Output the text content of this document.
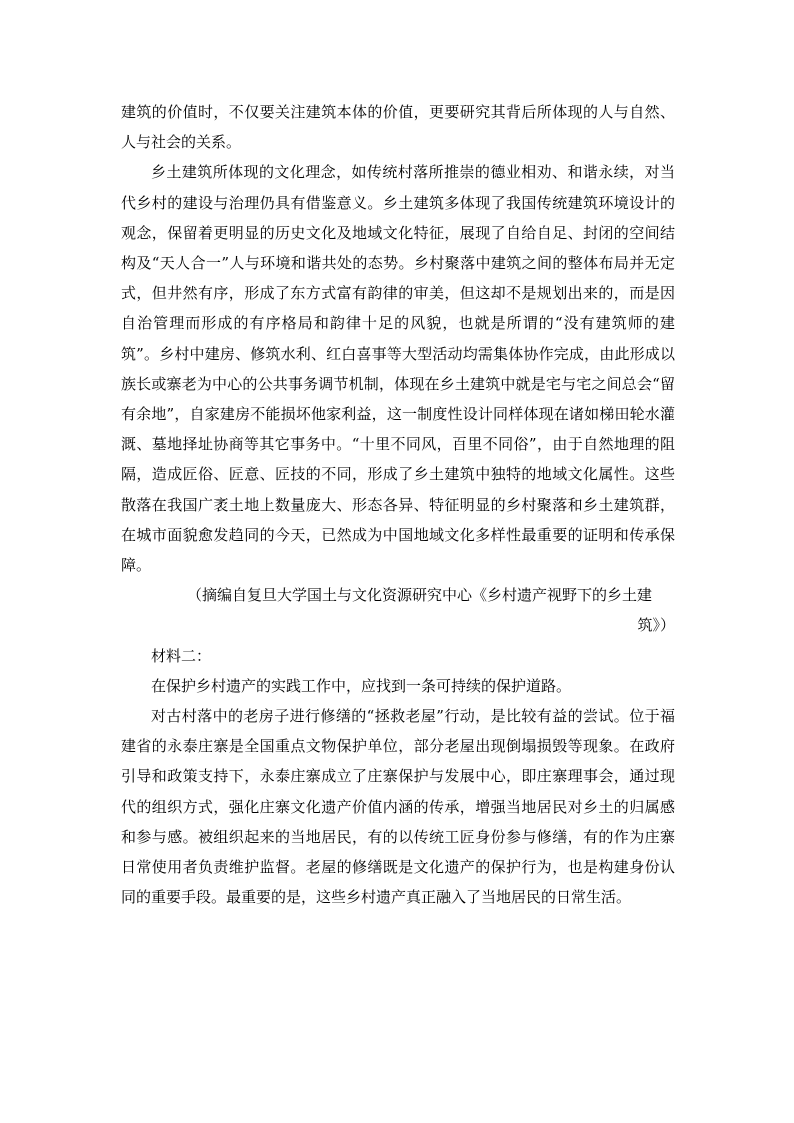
建筑的价值时，不仅要关注建筑本体的价值，更要研究其背后所体现的人与自然、人与社会的关系。

乡土建筑所体现的文化理念，如传统村落所推崇的德业相劝、和谐永续，对当代乡村的建设与治理仍具有借鉴意义。乡土建筑多体现了我国传统建筑环境设计的观念，保留着更明显的历史文化及地域文化特征，展现了自给自足、封闭的空间结构及“天人合一”人与环境和谐共处的态势。乡村聚落中建筑之间的整体布局并无定式，但井然有序，形成了东方式富有韵律的审美，但这却不是规划出来的，而是因自治管理而形成的有序格局和韵律十足的风貌，也就是所谓的“没有建筑师的建筑”。乡村中建房、修筑水利、红白喜事等大型活动均需集体协作完成，由此形成以族长或寨老为中心的公共事务调节机制，体现在乡土建筑中就是宅与宅之间总会“留有余地”，自家建房不能损坏他家利益，这一制度性设计同样体现在诸如梯田轮水灌溉、墓地择址协商等其它事务中。“十里不同风，百里不同俗”，由于自然地理的阻隔，造成匠俗、匠意、匠技的不同，形成了乡土建筑中独特的地域文化属性。这些散落在我国广袤土地上数量庞大、形态各异、特征明显的乡村聚落和乡土建筑群，在城市面貌愈发趋同的今天，已然成为中国地域文化多样性最重要的证明和传承保障。

（摘编自复旦大学国土与文化资源研究中心《乡村遗产视野下的乡土建
筑》）

材料二：

在保护乡村遗产的实践工作中，应找到一条可持续的保护道路。

对古村落中的老房子进行修缮的“拯救老屋”行动，是比较有益的尝试。位于福建省的永泰庄寨是全国重点文物保护单位，部分老屋出现倒塌损毁等现象。在政府引导和政策支持下，永泰庄寨成立了庄寨保护与发展中心，即庄寨理事会，通过现代的组织方式，强化庄寨文化遗产价值内涵的传承，增强当地居民对乡土的归属感和参与感。被组织起来的当地居民，有的以传统工匠身份参与修缮，有的作为庄寨日常使用者负责维护监督。老屋的修缮既是文化遗产的保护行为，也是构建身份认同的重要手段。最重要的是，这些乡村遗产真正融入了当地居民的日常生活。
